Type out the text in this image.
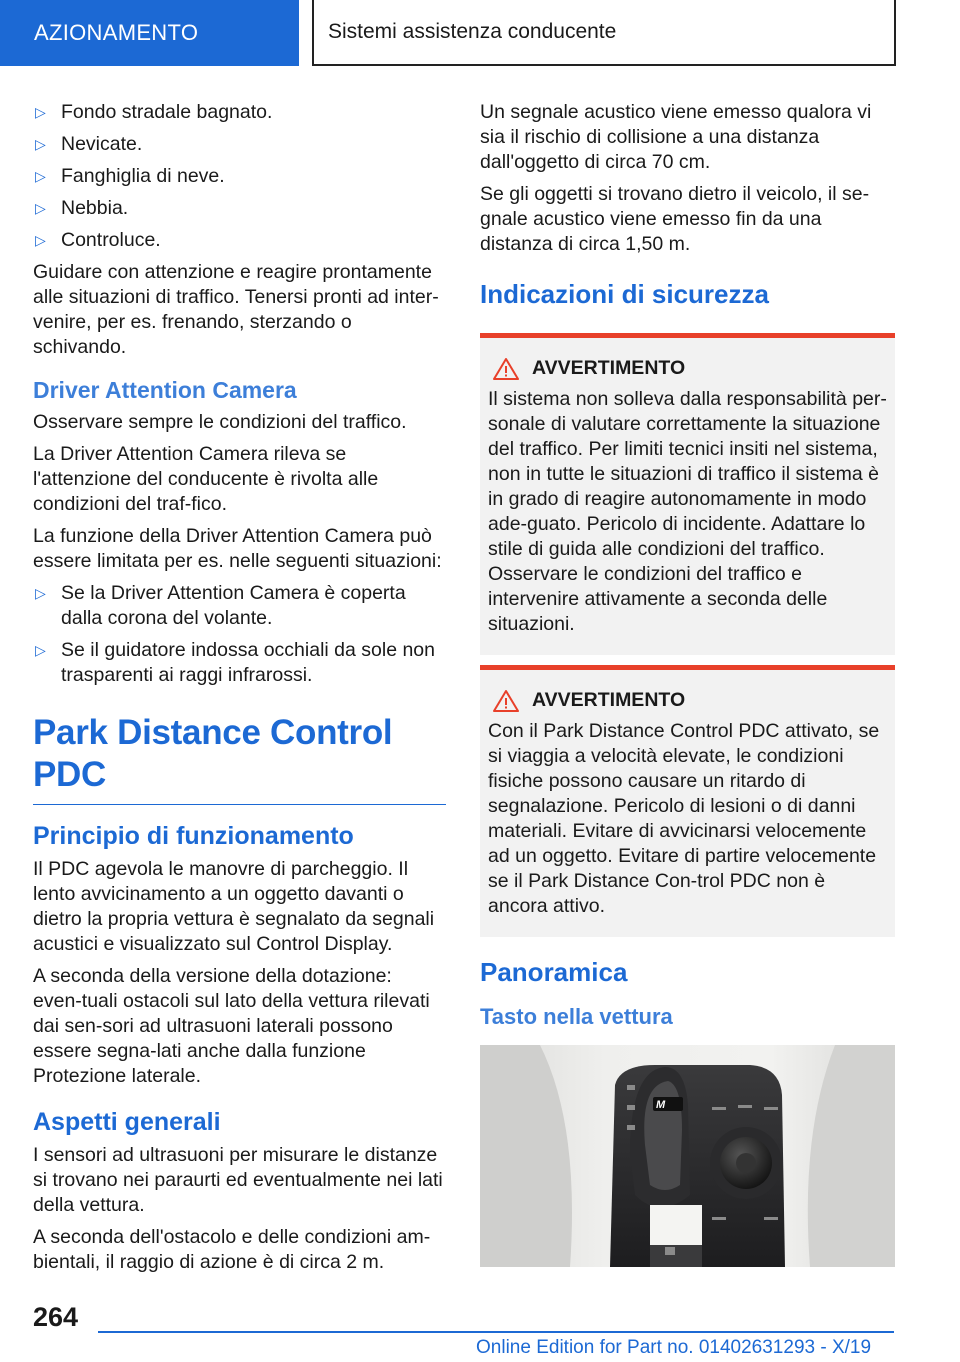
AZIONAMENTO	Sistemi assistenza conducente
▷ Fondo stradale bagnato.
▷ Nevicate.
▷ Fanghiglia di neve.
▷ Nebbia.
▷ Controluce.

Guidare con attenzione e reagire prontamente alle situazioni di traffico. Tenersi pronti ad inter-venire, per es. frenando, sterzando o schivando.

Driver Attention Camera

Osservare sempre le condizioni del traffico.

La Driver Attention Camera rileva se l'attenzione del conducente è rivolta alle condizioni del traf-fico.

La funzione della Driver Attention Camera può essere limitata per es. nelle seguenti situazioni:

▷ Se la Driver Attention Camera è coperta dalla corona del volante.
▷ Se il guidatore indossa occhiali da sole non trasparenti ai raggi infrarossi.
Park Distance Control PDC
Principio di funzionamento

Il PDC agevola le manovre di parcheggio. Il lento avvicinamento a un oggetto davanti o dietro la propria vettura è segnalato da segnali acustici e visualizzato sul Control Display.

A seconda della versione della dotazione: even-tuali ostacoli sul lato della vettura rilevati dai sen-sori ad ultrasuoni laterali possono essere segna-lati anche dalla funzione Protezione laterale.

Aspetti generali

I sensori ad ultrasuoni per misurare le distanze si trovano nei paraurti ed eventualmente nei lati della vettura.

A seconda dell'ostacolo e delle condizioni am-bientali, il raggio di azione è di circa 2 m.

Un segnale acustico viene emesso qualora vi sia il rischio di collisione a una distanza dall'oggetto di circa 70 cm.

Se gli oggetti si trovano dietro il veicolo, il se-gnale acustico viene emesso fin da una distanza di circa 1,50 m.

Indicazioni di sicurezza
AVVERTIMENTO
Il sistema non solleva dalla responsabilità per-sonale di valutare correttamente la situazione del traffico. Per limiti tecnici insiti nel sistema, non in tutte le situazioni di traffico il sistema è in grado di reagire autonomamente in modo ade-guato. Pericolo di incidente. Adattare lo stile di guida alle condizioni del traffico. Osservare le condizioni del traffico e intervenire attivamente a seconda delle situazioni.
AVVERTIMENTO
Con il Park Distance Control PDC attivato, se si viaggia a velocità elevate, le condizioni fisiche possono causare un ritardo di segnalazione. Pericolo di lesioni o di danni materiali. Evitare di avvicinarsi velocemente ad un oggetto. Evitare di partire velocemente se il Park Distance Con-trol PDC non è ancora attivo.
Panoramica
Tasto nella vettura
M
264
Online Edition for Part no. 01402631293 - X/19
